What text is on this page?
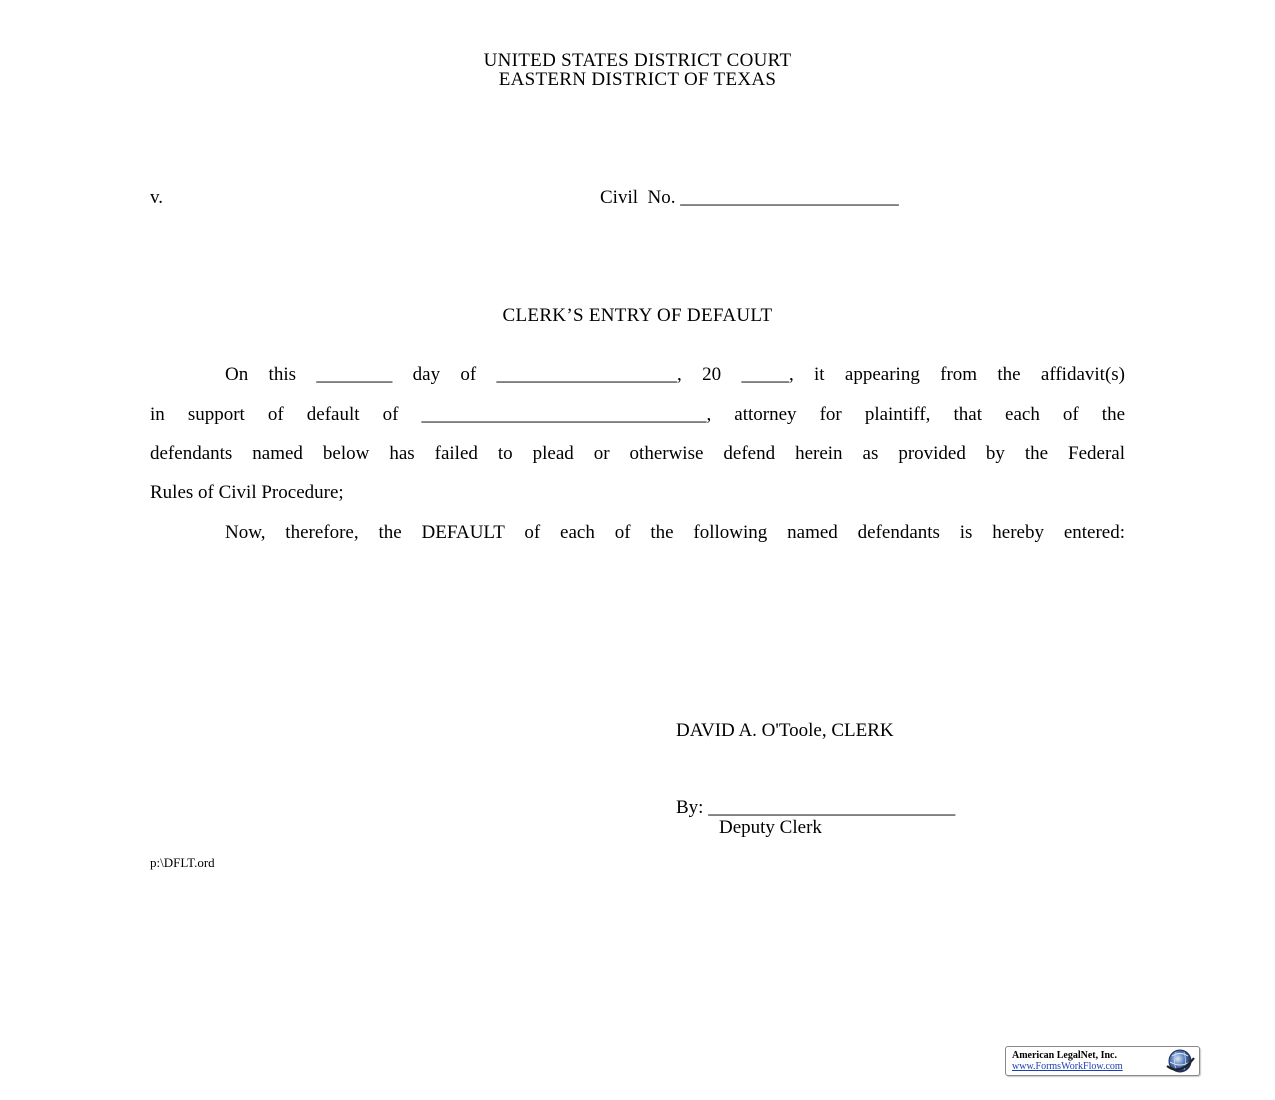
UNITED STATES DISTRICT COURT
EASTERN DISTRICT OF TEXAS
v.	Civil  No. _______________________
CLERK’S ENTRY OF DEFAULT
On this ________ day of ___________________, 20 _____, it appearing from the affidavit(s)
in support of default of ______________________________, attorney for plaintiff, that each of the
defendants named below has failed to plead or otherwise defend herein as provided by the Federal
Rules of Civil Procedure;
Now, therefore, the DEFAULT of each of the following named defendants is hereby entered:
DAVID A. O'Toole, CLERK
By: __________________________
Deputy Clerk
p:\DFLT.ord
American LegalNet, Inc.
www.FormsWorkFlow.com
